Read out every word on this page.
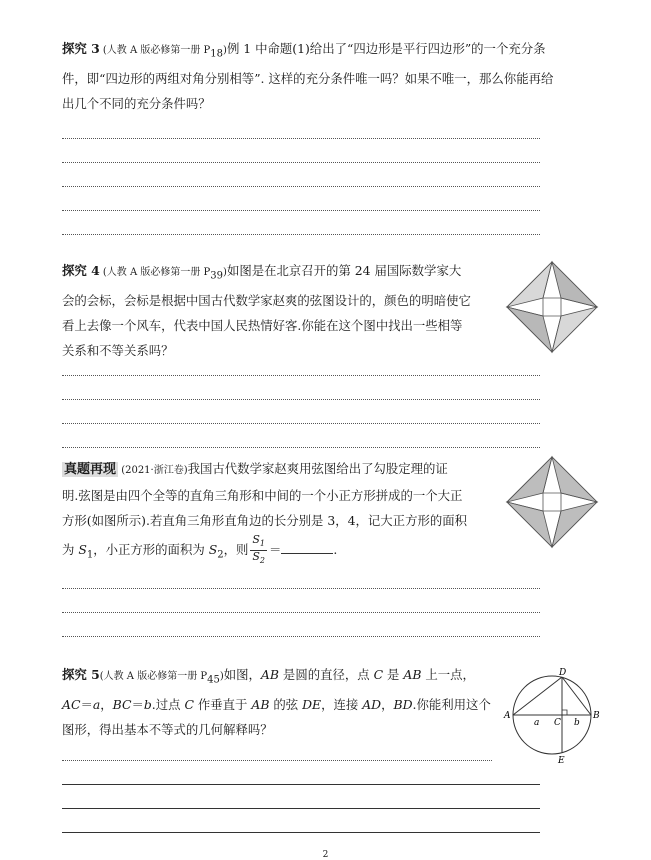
探究 3 (人教 A 版必修第一册 $P_{18}$)例 1 中命题(1)给出了“四边形是平行四边形”的一个充分条

件，即“四边形的两组对角分别相等”. 这样的充分条件唯一吗？如果不唯一，那么你能再给

出几个不同的充分条件吗？

探究 4 (人教 A 版必修第一册 $P_{39}$)如图是在北京召开的第 24 届国际数学家大

会的会标，会标是根据中国古代数学家赵爽的弦图设计的，颜色的明暗使它

看上去像一个风车，代表中国人民热情好客.你能在这个图中找出一些相等

关系和不等关系吗？

真题再现 (2021·浙江卷)我国古代数学家赵爽用弦图给出了勾股定理的证

明.弦图是由四个全等的直角三角形和中间的一个小正方形拼成的一个大正

方形(如图所示).若直角三角形直角边的长分别是 3，4，记大正方形的面积

为 $S_1$，小正方形的面积为 $S_2$，则 $\frac{S_1}{S_2}$ ＝	.

探究 5(人教 A 版必修第一册 $P_{45}$)如图，AB 是圆的直径，点 C 是 AB 上一点，

AC＝a，BC＝b.过点 C 作垂直于 AB 的弦 DE，连接 AD，BD.你能利用这个

图形，得出基本不等式的几何解释吗？

D
A
a C b
B
E
2
